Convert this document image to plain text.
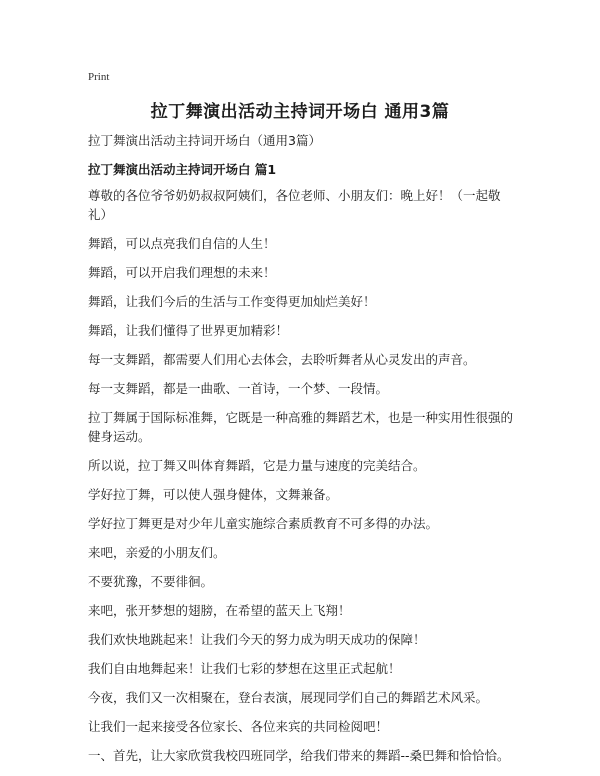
Print
拉丁舞演出活动主持词开场白 通用3篇

拉丁舞演出活动主持词开场白（通用3篇）

拉丁舞演出活动主持词开场白 篇1

尊敬的各位爷爷奶奶叔叔阿姨们，各位老师、小朋友们：晚上好！（一起敬礼）

舞蹈，可以点亮我们自信的人生！

舞蹈，可以开启我们理想的未来！

舞蹈，让我们今后的生活与工作变得更加灿烂美好！

舞蹈，让我们懂得了世界更加精彩！

每一支舞蹈，都需要人们用心去体会，去聆听舞者从心灵发出的声音。

每一支舞蹈，都是一曲歌、一首诗，一个梦、一段情。

拉丁舞属于国际标准舞，它既是一种高雅的舞蹈艺术，也是一种实用性很强的健身运动。

所以说，拉丁舞又叫体育舞蹈，它是力量与速度的完美结合。

学好拉丁舞，可以使人强身健体，文舞兼备。

学好拉丁舞更是对少年儿童实施综合素质教育不可多得的办法。

来吧，亲爱的小朋友们。

不要犹豫，不要徘徊。

来吧，张开梦想的翅膀，在希望的蓝天上飞翔！

我们欢快地跳起来！让我们今天的努力成为明天成功的保障！

我们自由地舞起来！让我们七彩的梦想在这里正式起航！

今夜，我们又一次相聚在，登台表演，展现同学们自己的舞蹈艺术风采。

让我们一起来接受各位家长、各位来宾的共同检阅吧！

一、首先，让大家欣赏我校四班同学，给我们带来的舞蹈--桑巴舞和恰恰恰。
